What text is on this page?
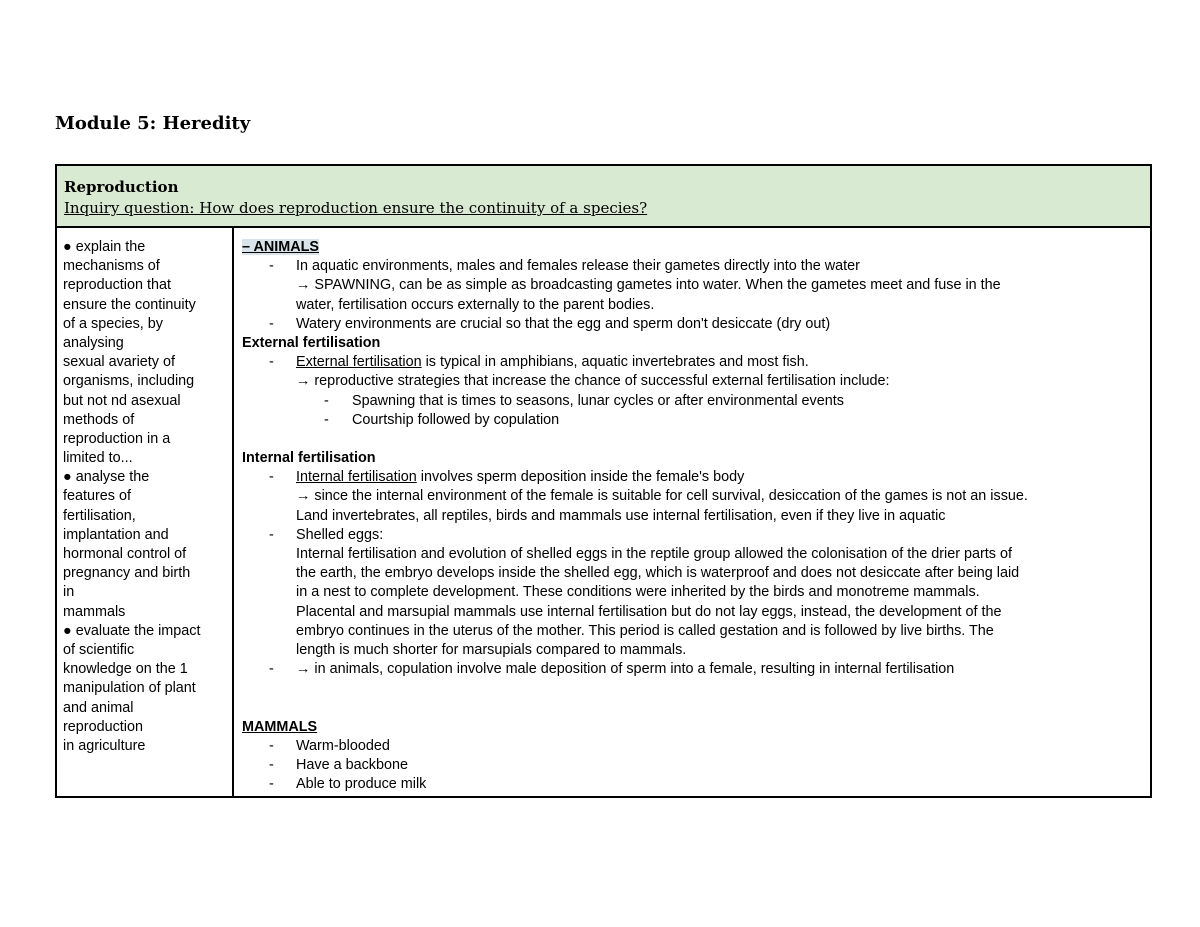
Module 5: Heredity
Reproduction
Inquiry question: How does reproduction ensure the continuity of a species?
● explain the
mechanisms of
reproduction that
ensure the continuity
of a species, by
analysing
sexual avariety of
organisms, including
but not nd asexual
methods of
reproduction in a
limited to...
● analyse the
features of
fertilisation,
implantation and
hormonal control of
pregnancy and birth
in
mammals
● evaluate the impact
of scientific
knowledge on the 1
manipulation of plant
and animal
reproduction
in agriculture
– ANIMALS
- In aquatic environments, males and females release their gametes directly into the water
→ SPAWNING, can be as simple as broadcasting gametes into water. When the gametes meet and fuse in the
water, fertilisation occurs externally to the parent bodies.
- Watery environments are crucial so that the egg and sperm don't desiccate (dry out)
External fertilisation
- External fertilisation is typical in amphibians, aquatic invertebrates and most fish.
→ reproductive strategies that increase the chance of successful external fertilisation include:
- Spawning that is times to seasons, lunar cycles or after environmental events
- Courtship followed by copulation
Internal fertilisation
- Internal fertilisation involves sperm deposition inside the female's body
→ since the internal environment of the female is suitable for cell survival, desiccation of the games is not an issue.
Land invertebrates, all reptiles, birds and mammals use internal fertilisation, even if they live in aquatic
- Shelled eggs:
Internal fertilisation and evolution of shelled eggs in the reptile group allowed the colonisation of the drier parts of
the earth, the embryo develops inside the shelled egg, which is waterproof and does not desiccate after being laid
in a nest to complete development. These conditions were inherited by the birds and monotreme mammals.
Placental and marsupial mammals use internal fertilisation but do not lay eggs, instead, the development of the
embryo continues in the uterus of the mother. This period is called gestation and is followed by live births. The
length is much shorter for marsupials compared to mammals.
- → in animals, copulation involve male deposition of sperm into a female, resulting in internal fertilisation
MAMMALS
- Warm-blooded
- Have a backbone
- Able to produce milk
